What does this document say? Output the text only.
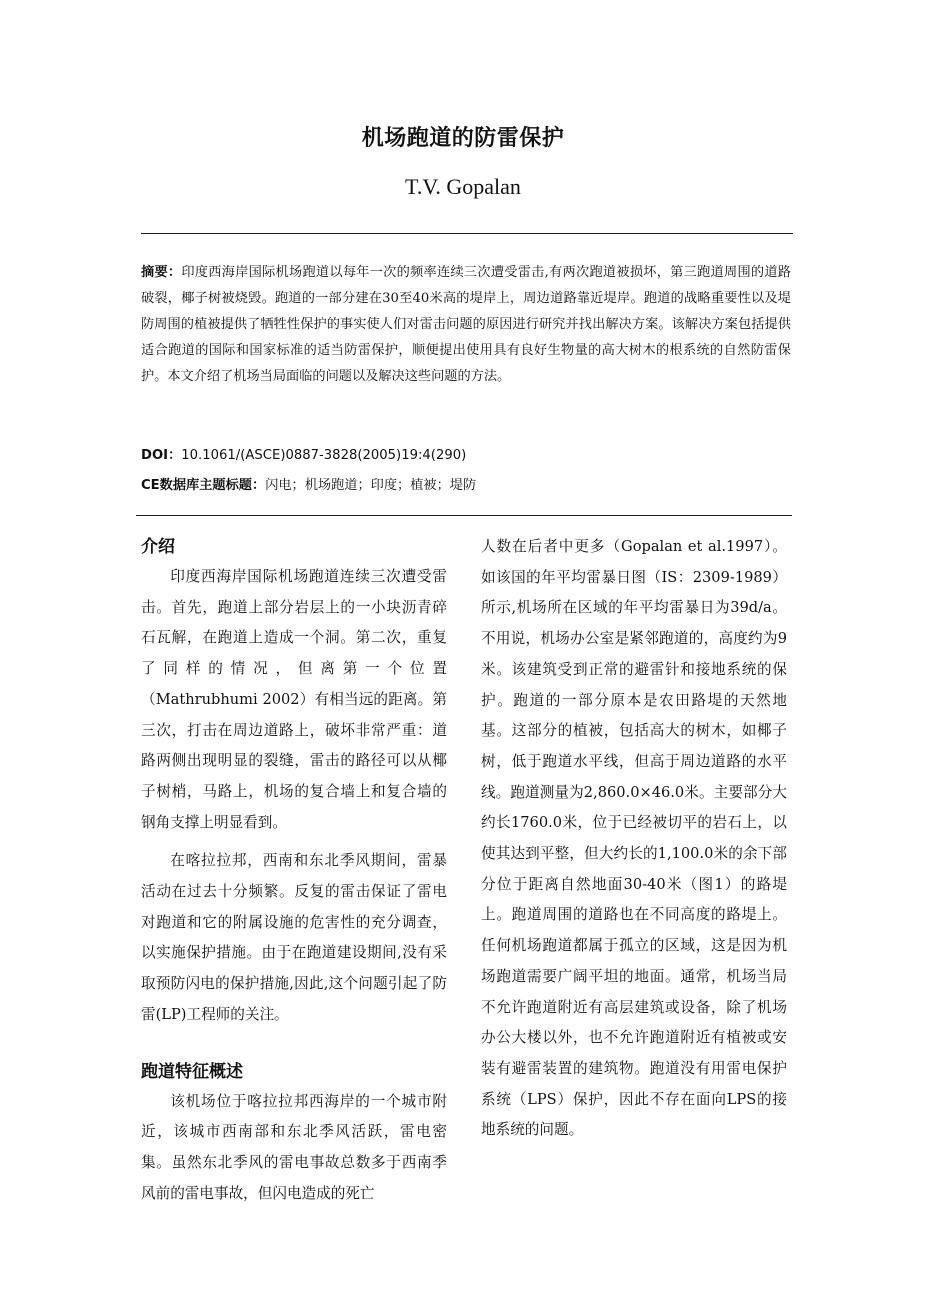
机场跑道的防雷保护
T.V. Gopalan
摘要：印度西海岸国际机场跑道以每年一次的频率连续三次遭受雷击,有两次跑道被损坏，第三跑道周围的道路破裂，椰子树被烧毁。跑道的一部分建在30至40米高的堤岸上，周边道路靠近堤岸。跑道的战略重要性以及堤防周围的植被提供了牺牲性保护的事实使人们对雷击问题的原因进行研究并找出解决方案。该解决方案包括提供适合跑道的国际和国家标准的适当防雷保护，顺便提出使用具有良好生物量的高大树木的根系统的自然防雷保护。本文介绍了机场当局面临的问题以及解决这些问题的方法。
DOI：10.1061/(ASCE)0887-3828(2005)19:4(290)
CE数据库主题标题：闪电；机场跑道；印度；植被；堤防
介绍

印度西海岸国际机场跑道连续三次遭受雷击。首先，跑道上部分岩层上的一小块沥青碎石瓦解，在跑道上造成一个洞。第二次，重复了同样的情况，但离第一个位置（Mathrubhumi 2002）有相当远的距离。第三次，打击在周边道路上，破坏非常严重：道路两侧出现明显的裂缝，雷击的路径可以从椰子树梢，马路上，机场的复合墙上和复合墙的钢角支撑上明显看到。

在喀拉拉邦，西南和东北季风期间，雷暴活动在过去十分频繁。反复的雷击保证了雷电对跑道和它的附属设施的危害性的充分调查，以实施保护措施。由于在跑道建设期间,没有采取预防闪电的保护措施,因此,这个问题引起了防雷(LP)工程师的关注。

跑道特征概述

该机场位于喀拉拉邦西海岸的一个城市附近，该城市西南部和东北季风活跃，雷电密集。虽然东北季风的雷电事故总数多于西南季风前的雷电事故，但闪电造成的死亡

人数在后者中更多（Gopalan et al.1997）。如该国的年平均雷暴日图（IS：2309-1989）所示,机场所在区域的年平均雷暴日为39d/a。不用说，机场办公室是紧邻跑道的，高度约为9米。该建筑受到正常的避雷针和接地系统的保护。跑道的一部分原本是农田路堤的天然地基。这部分的植被，包括高大的树木，如椰子树，低于跑道水平线，但高于周边道路的水平线。跑道测量为2,860.0×46.0米。主要部分大约长1760.0米，位于已经被切平的岩石上，以使其达到平整，但大约长的1,100.0米的余下部分位于距离自然地面30-40米（图1）的路堤上。跑道周围的道路也在不同高度的路堤上。任何机场跑道都属于孤立的区域，这是因为机场跑道需要广阔平坦的地面。通常，机场当局不允许跑道附近有高层建筑或设备，除了机场办公大楼以外，也不允许跑道附近有植被或安装有避雷装置的建筑物。跑道没有用雷电保护系统（LPS）保护，因此不存在面向LPS的接地系统的问题。
